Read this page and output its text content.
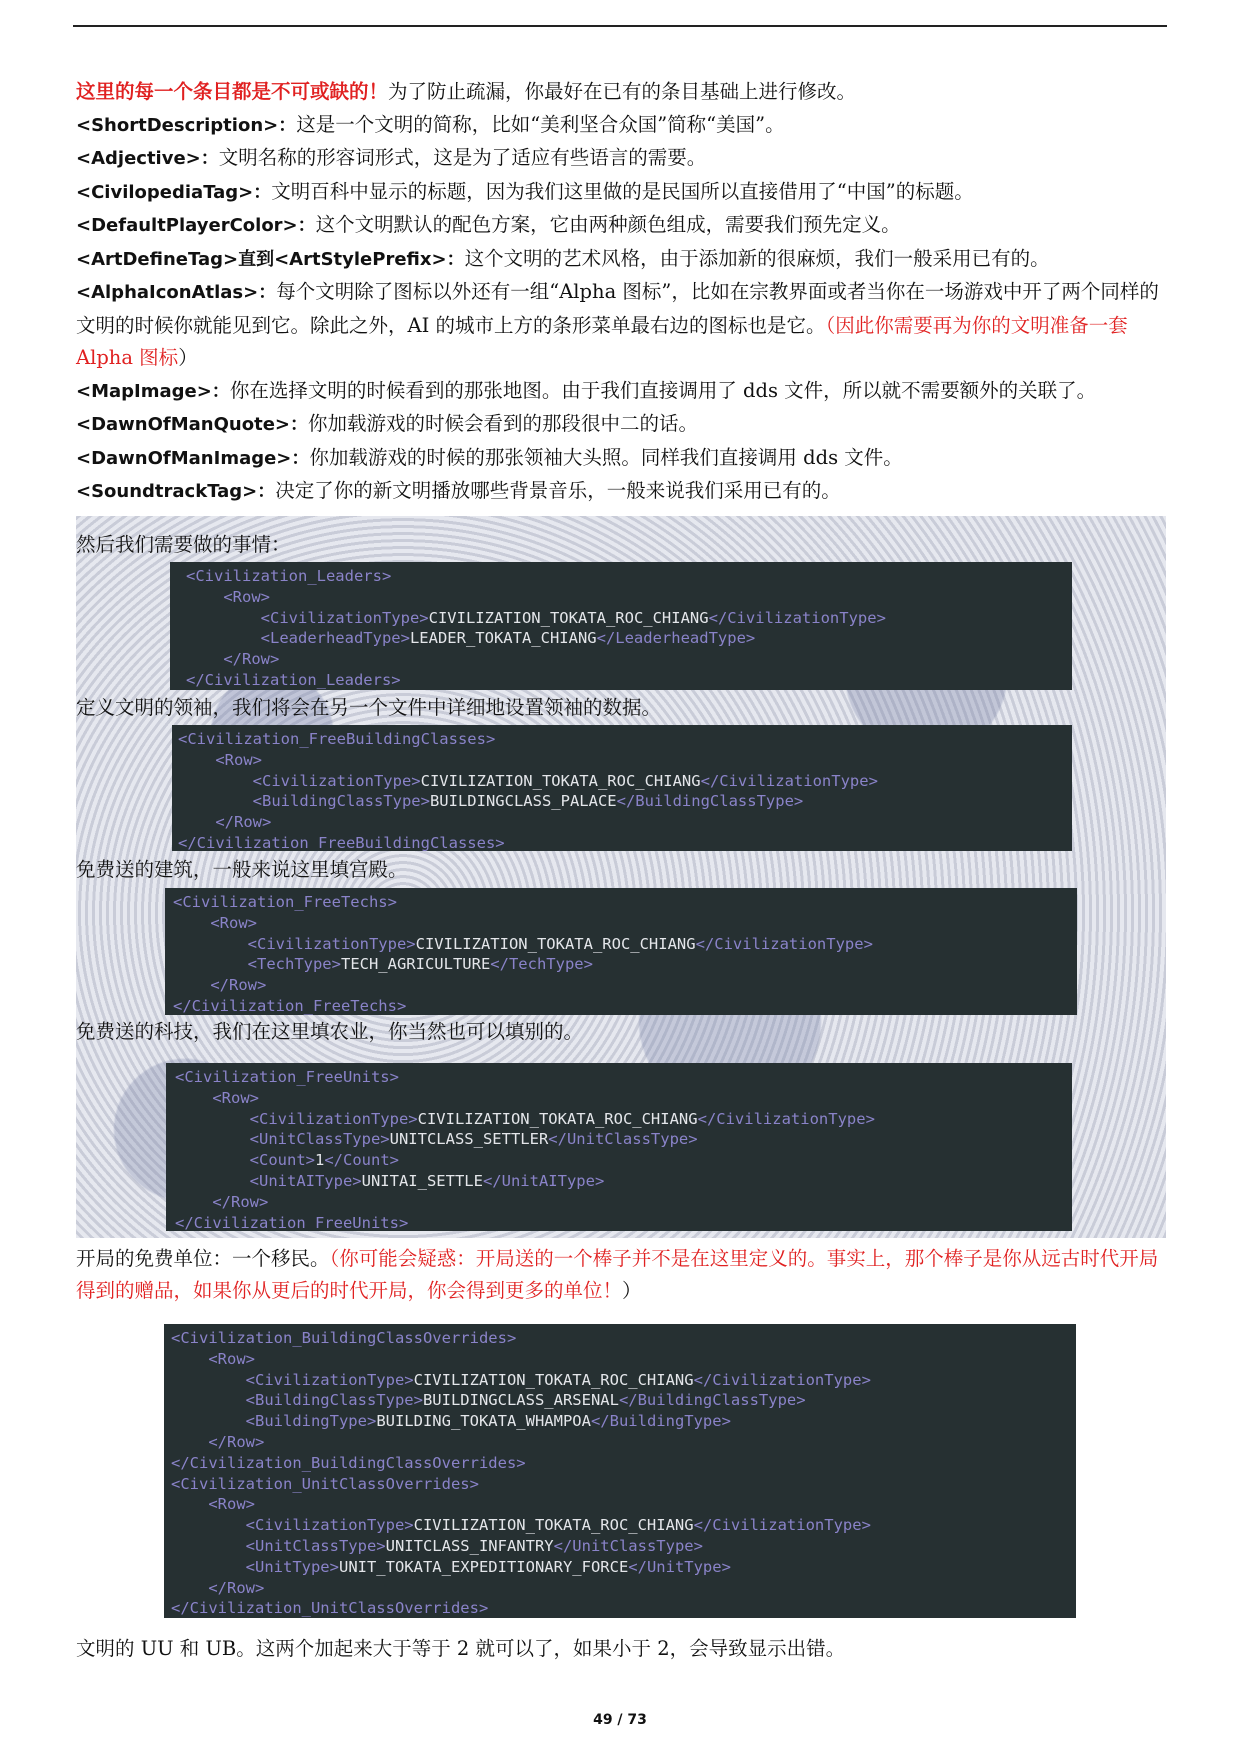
这里的每一个条目都是不可或缺的！为了防止疏漏，你最好在已有的条目基础上进行修改。
<ShortDescription>：这是一个文明的简称，比如“美利坚合众国”简称“美国”。
<Adjective>：文明名称的形容词形式，这是为了适应有些语言的需要。
<CivilopediaTag>：文明百科中显示的标题，因为我们这里做的是民国所以直接借用了“中国”的标题。
<DefaultPlayerColor>：这个文明默认的配色方案，它由两种颜色组成，需要我们预先定义。
<ArtDefineTag>直到<ArtStylePrefix>：这个文明的艺术风格，由于添加新的很麻烦，我们一般采用已有的。
<AlphaIconAtlas>：每个文明除了图标以外还有一组“Alpha 图标”，比如在宗教界面或者当你在一场游戏中开了两个同样的文明的时候你就能见到它。除此之外，AI 的城市上方的条形菜单最右边的图标也是它。（因此你需要再为你的文明准备一套 Alpha 图标）
<MapImage>：你在选择文明的时候看到的那张地图。由于我们直接调用了 dds 文件，所以就不需要额外的关联了。
<DawnOfManQuote>：你加载游戏的时候会看到的那段很中二的话。
<DawnOfManImage>：你加载游戏的时候的那张领袖大头照。同样我们直接调用 dds 文件。
<SoundtrackTag>：决定了你的新文明播放哪些背景音乐，一般来说我们采用已有的。
然后我们需要做的事情：
<Civilization_Leaders>
<Row>
<CivilizationType>CIVILIZATION_TOKATA_ROC_CHIANG</CivilizationType>
<LeaderheadType>LEADER_TOKATA_CHIANG</LeaderheadType>
</Row>
</Civilization_Leaders>
定义文明的领袖，我们将会在另一个文件中详细地设置领袖的数据。
<Civilization_FreeBuildingClasses>
<Row>
<CivilizationType>CIVILIZATION_TOKATA_ROC_CHIANG</CivilizationType>
<BuildingClassType>BUILDINGCLASS_PALACE</BuildingClassType>
</Row>
</Civilization_FreeBuildingClasses>
免费送的建筑，一般来说这里填宫殿。
<Civilization_FreeTechs>
<Row>
<CivilizationType>CIVILIZATION_TOKATA_ROC_CHIANG</CivilizationType>
<TechType>TECH_AGRICULTURE</TechType>
</Row>
</Civilization_FreeTechs>
免费送的科技，我们在这里填农业，你当然也可以填别的。
<Civilization_FreeUnits>
<Row>
<CivilizationType>CIVILIZATION_TOKATA_ROC_CHIANG</CivilizationType>
<UnitClassType>UNITCLASS_SETTLER</UnitClassType>
<Count>1</Count>
<UnitAIType>UNITAI_SETTLE</UnitAIType>
</Row>
</Civilization_FreeUnits>
开局的免费单位：一个移民。（你可能会疑惑：开局送的一个棒子并不是在这里定义的。事实上，那个棒子是你从远古时代开局得到的赠品，如果你从更后的时代开局，你会得到更多的单位！）
<Civilization_BuildingClassOverrides>
<Row>
<CivilizationType>CIVILIZATION_TOKATA_ROC_CHIANG</CivilizationType>
<BuildingClassType>BUILDINGCLASS_ARSENAL</BuildingClassType>
<BuildingType>BUILDING_TOKATA_WHAMPOA</BuildingType>
</Row>
</Civilization_BuildingClassOverrides>
<Civilization_UnitClassOverrides>
<Row>
<CivilizationType>CIVILIZATION_TOKATA_ROC_CHIANG</CivilizationType>
<UnitClassType>UNITCLASS_INFANTRY</UnitClassType>
<UnitType>UNIT_TOKATA_EXPEDITIONARY_FORCE</UnitType>
</Row>
</Civilization_UnitClassOverrides>
文明的 UU 和 UB。这两个加起来大于等于 2 就可以了，如果小于 2，会导致显示出错。
49 / 73
